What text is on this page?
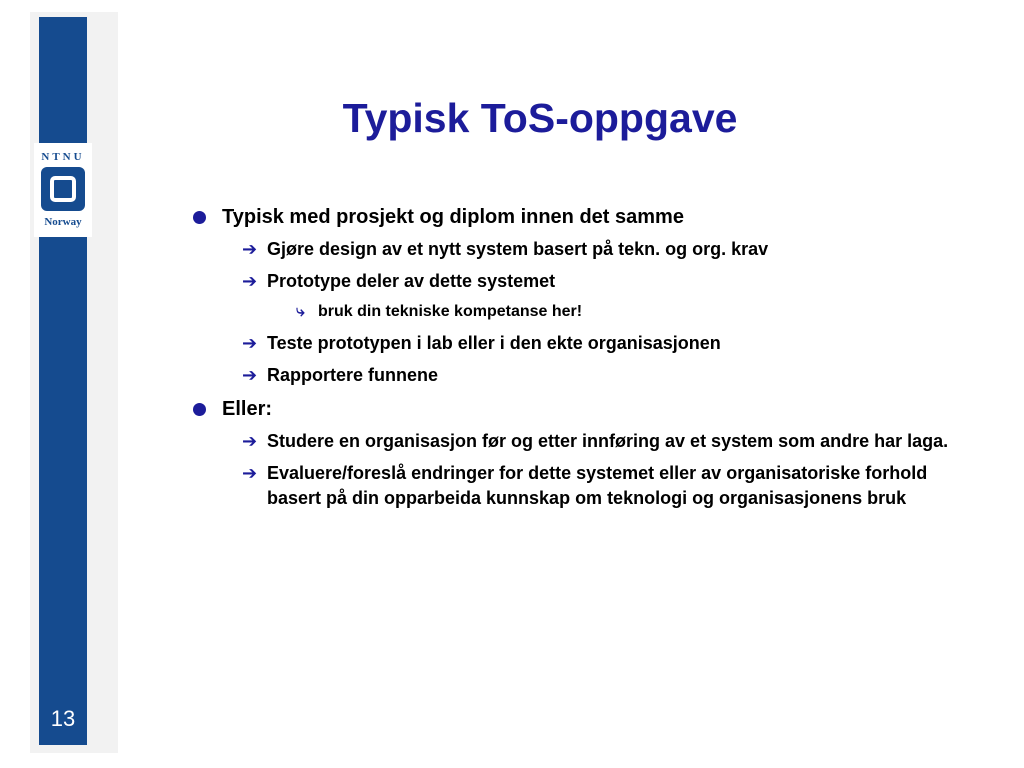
NTNU
Norway
13
Typisk ToS-oppgave
Typisk med prosjekt og diplom innen det samme
➔ Gjøre design av et nytt system basert på tekn. og org. krav
➔ Prototype deler av dette systemet
⤷ bruk din tekniske kompetanse her!
➔ Teste prototypen i lab eller i den ekte organisasjonen
➔ Rapportere funnene
Eller:
➔ Studere en organisasjon før og etter innføring av et system som andre har laga.
➔ Evaluere/foreslå endringer for dette systemet eller av organisatoriske forhold basert på din opparbeida kunnskap om teknologi og organisasjonens bruk
